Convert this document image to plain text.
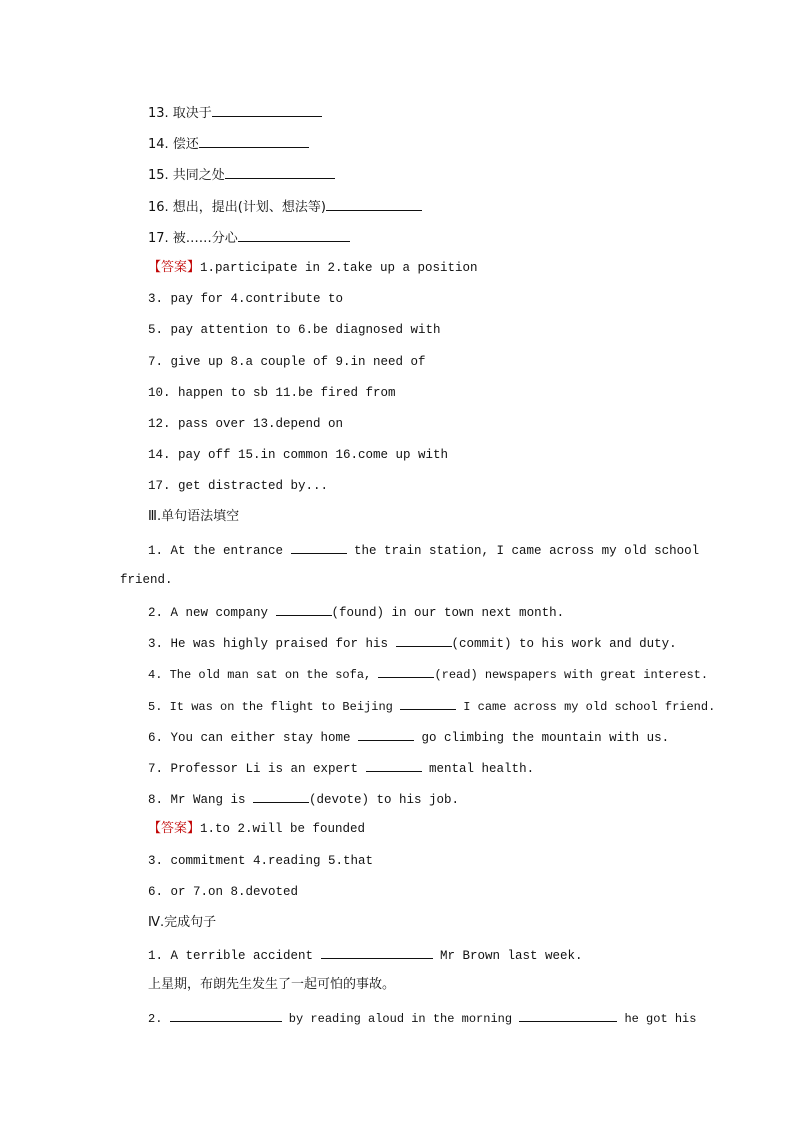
13. 取决于
14. 偿还
15. 共同之处
16. 想出，提出(计划、想法等)
17. 被……分心
【答案】1.participate in 2.take up a position
3. pay for 4.contribute to
5. pay attention to 6.be diagnosed with
7. give up 8.a couple of 9.in need of
10. happen to sb 11.be fired from
12. pass over 13.depend on
14. pay off 15.in common 16.come up with
17. get distracted by...
Ⅲ.单句语法填空
1. At the entrance	the train station, I came across my old school
friend.
2. A new company	(found) in our town next month.
3. He was highly praised for his	(commit) to his work and duty.
4. The old man sat on the sofa,	(read) newspapers with great interest.
5. It was on the flight to Beijing	I came across my old school friend.
6. You can either stay home	go climbing the mountain with us.
7. Professor Li is an expert	mental health.
8. Mr Wang is	(devote) to his job.
【答案】1.to 2.will be founded
3. commitment 4.reading 5.that
6. or 7.on 8.devoted
Ⅳ.完成句子
1. A terrible accident	Mr Brown last week.
上星期，布朗先生发生了一起可怕的事故。
2.	by reading aloud in the morning	he got his
